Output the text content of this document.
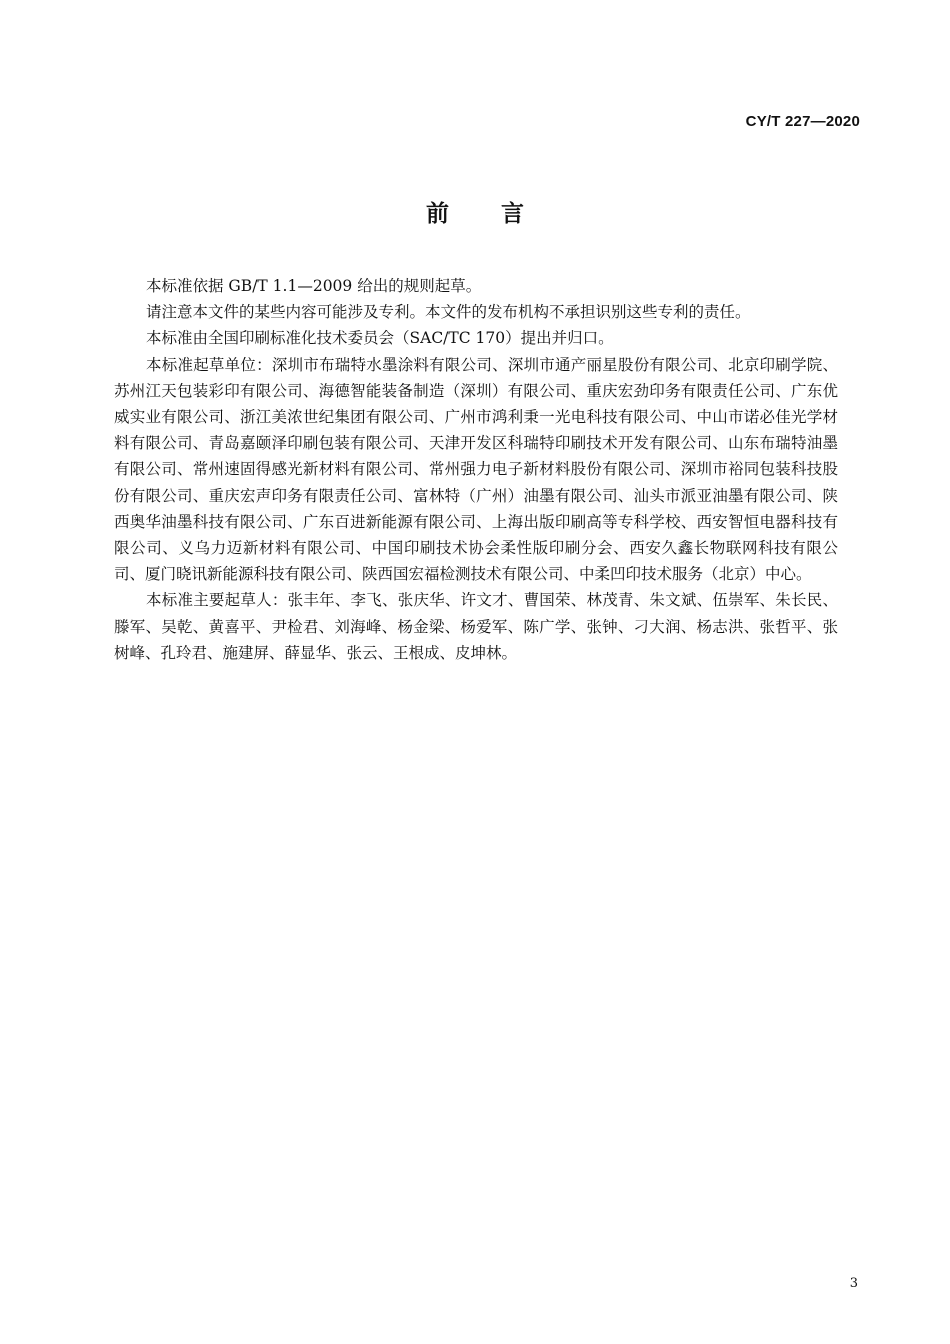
CY/T 227—2020
前言

本标准依据 GB/T 1.1—2009 给出的规则起草。

请注意本文件的某些内容可能涉及专利。本文件的发布机构不承担识别这些专利的责任。

本标准由全国印刷标准化技术委员会（SAC/TC 170）提出并归口。

本标准起草单位：深圳市布瑞特水墨涂料有限公司、深圳市通产丽星股份有限公司、北京印刷学院、苏州江天包装彩印有限公司、海德智能装备制造（深圳）有限公司、重庆宏劲印务有限责任公司、广东优威实业有限公司、浙江美浓世纪集团有限公司、广州市鸿利秉一光电科技有限公司、中山市诺必佳光学材料有限公司、青岛嘉颐泽印刷包装有限公司、天津开发区科瑞特印刷技术开发有限公司、山东布瑞特油墨有限公司、常州速固得感光新材料有限公司、常州强力电子新材料股份有限公司、深圳市裕同包装科技股份有限公司、重庆宏声印务有限责任公司、富林特（广州）油墨有限公司、汕头市派亚油墨有限公司、陕西奥华油墨科技有限公司、广东百进新能源有限公司、上海出版印刷高等专科学校、西安智恒电器科技有限公司、义乌力迈新材料有限公司、中国印刷技术协会柔性版印刷分会、西安久鑫长物联网科技有限公司、厦门晓讯新能源科技有限公司、陕西国宏福检测技术有限公司、中柔凹印技术服务（北京）中心。

本标准主要起草人：张丰年、李飞、张庆华、许文才、曹国荣、林茂青、朱文斌、伍崇军、朱长民、滕军、吴乾、黄喜平、尹检君、刘海峰、杨金梁、杨爱军、陈广学、张钟、刁大润、杨志洪、张哲平、张树峰、孔玲君、施建屏、薛显华、张云、王根成、皮坤林。

3
